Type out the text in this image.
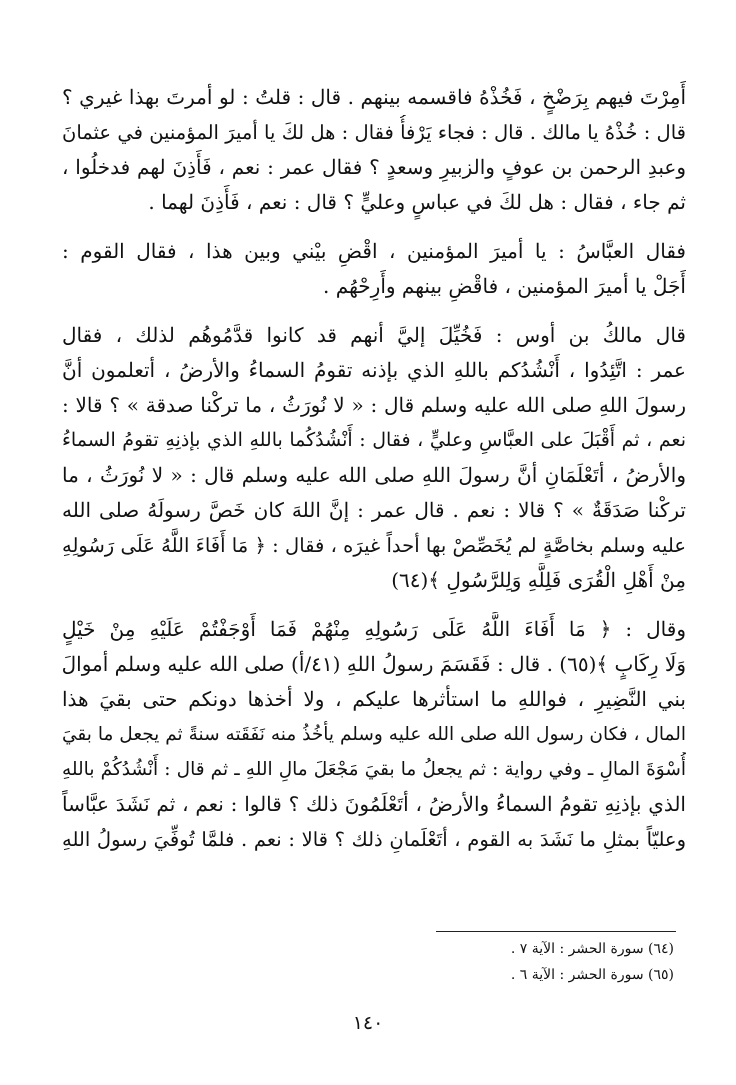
أَمِرْتَ فيهم بِرَضْخٍ ، فَخُذْهُ فاقسمه بينهم . قال : قلتُ : لو أمرتَ بهذا غيري ؟
قال : خُذْهُ يا مالك . قال : فجاء يَرْفأُ فقال : هل لكَ يا أميرَ المؤمنين في عثمانَ
وعبدِ الرحمن بن عوفٍ والزبيرِ وسعدٍ ؟ فقال عمر : نعم ، فَأَذِنَ لهم فدخلُوا ،
ثم جاء ، فقال : هل لكَ في عباسٍ وعليٍّ ؟ قال : نعم ، فَأَذِنَ لهما .
فقال العبَّاسُ : يا أميرَ المؤمنين ، اقْضِ بيْني وبين هذا ، فقال القوم :
أَجَلْ يا أميرَ المؤمنين ، فاقْضِ بينهم وأَرِحْهُم .
قال مالكُ بن أوس : فَخُيِّلَ إليَّ أنهم قد كانوا قدَّمُوهُم لذلك ، فقال
عمر : اتَّئِدُوا ، أَنْشُدُكم باللهِ الذي بإذنه تقومُ السماءُ والأرضُ ، أتعلمون أنَّ
رسولَ اللهِ صلى الله عليه وسلم قال : « لا نُورَثُ ، ما تركْنا صدقة » ؟ قالا :
نعم ، ثم أَقْبَلَ على العبَّاسِ وعليٍّ ، فقال : أَنْشُدُكُما باللهِ الذي بإذنِهِ تقومُ السماءُ
والأرضُ ، أتَعْلَمَانِ أنَّ رسولَ اللهِ صلى الله عليه وسلم قال : « لا نُورَثُ ، ما
تركْنا صَدَقَةٌ » ؟ قالا : نعم . قال عمر : إنَّ اللهَ كان خَصَّ رسولَهُ صلى الله
عليه وسلم بخاصَّةٍ لم يُخَصِّصْ بها أحداً غيرَه ، فقال : ﴿ مَا أَفَاءَ اللَّهُ عَلَى رَسُولِهِ
مِنْ أَهْلِ الْقُرَى فَلِلَّهِ وَلِلرَّسُولِ ﴾(٦٤)
وقال : ﴿ مَا أَفَاءَ اللَّهُ عَلَى رَسُولِهِ مِنْهُمْ فَمَا أَوْجَفْتُمْ عَلَيْهِ مِنْ خَيْلٍ
وَلَا رِكَابٍ ﴾(٦٥) . قال : فَقَسَمَ رسولُ اللهِ (٤١/أ) صلى الله عليه وسلم أموالَ
بني النَّضِيرِ ، فواللهِ ما استأثرها عليكم ، ولا أخذها دونكم حتى بقيَ هذا
المال ، فكان رسول الله صلى الله عليه وسلم يأخُذُ منه نَفَقَته سنةً ثم يجعل ما بقيَ
أُسْوَةَ المالِ ـ وفي رواية : ثم يجعلُ ما بقيَ مَجْعَلَ مالِ اللهِ ـ ثم قال : أَنْشُدُكُمْ باللهِ
الذي بإذنِهِ تقومُ السماءُ والأرضُ ، أتَعْلَمُونَ ذلك ؟ قالوا : نعم ، ثم نَشَدَ عبَّاساً
وعليّاً بمثلِ ما نَشَدَ به القوم ، أتَعْلَمانِ ذلك ؟ قالا : نعم . فلمَّا تُوفِّيَ رسولُ اللهِ
(٦٤) سورة الحشر : الآية ٧ .
(٦٥) سورة الحشر : الآية ٦ .
١٤٠
